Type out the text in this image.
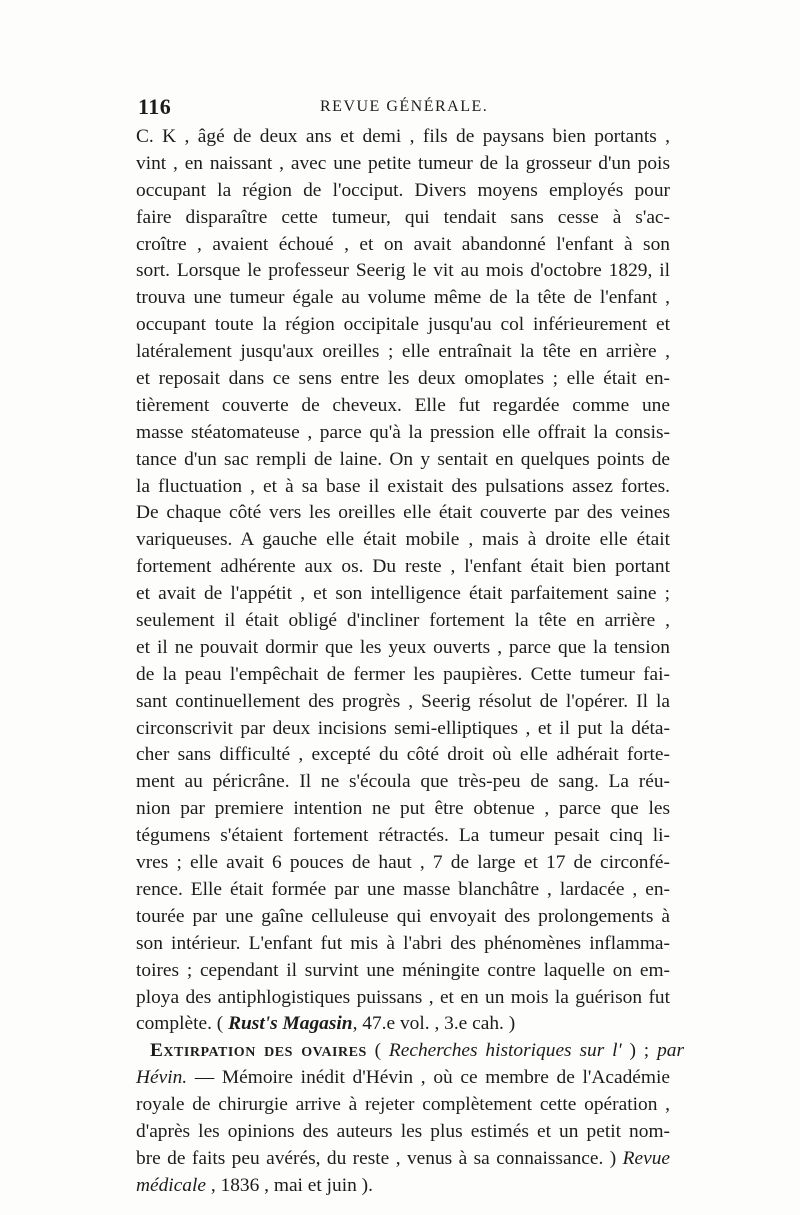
116	REVUE GÉNÉRALE.
C. K , âgé de deux ans et demi , fils de paysans bien portants ,
vint , en naissant , avec une petite tumeur de la grosseur d'un pois
occupant la région de l'occiput. Divers moyens employés pour
faire disparaître cette tumeur, qui tendait sans cesse à s'ac-
croître , avaient échoué , et on avait abandonné l'enfant à son
sort. Lorsque le professeur Seerig le vit au mois d'octobre 1829, il
trouva une tumeur égale au volume même de la tête de l'enfant ,
occupant toute la région occipitale jusqu'au col inférieurement et
latéralement jusqu'aux oreilles ; elle entraînait la tête en arrière ,
et reposait dans ce sens entre les deux omoplates ; elle était en-
tièrement couverte de cheveux. Elle fut regardée comme une
masse stéatomateuse , parce qu'à la pression elle offrait la consis-
tance d'un sac rempli de laine. On y sentait en quelques points de
la fluctuation , et à sa base il existait des pulsations assez fortes.
De chaque côté vers les oreilles elle était couverte par des veines
variqueuses. A gauche elle était mobile , mais à droite elle était
fortement adhérente aux os. Du reste , l'enfant était bien portant
et avait de l'appétit , et son intelligence était parfaitement saine ;
seulement il était obligé d'incliner fortement la tête en arrière ,
et il ne pouvait dormir que les yeux ouverts , parce que la tension
de la peau l'empêchait de fermer les paupières. Cette tumeur fai-
sant continuellement des progrès , Seerig résolut de l'opérer. Il la
circonscrivit par deux incisions semi-elliptiques , et il put la déta-
cher sans difficulté , excepté du côté droit où elle adhérait forte-
ment au péricrâne. Il ne s'écoula que très-peu de sang. La réu-
nion par premiere intention ne put être obtenue , parce que les
tégumens s'étaient fortement rétractés. La tumeur pesait cinq li-
vres ; elle avait 6 pouces de haut , 7 de large et 17 de circonfé-
rence. Elle était formée par une masse blanchâtre , lardacée , en-
tourée par une gaîne celluleuse qui envoyait des prolongements à
son intérieur. L'enfant fut mis à l'abri des phénomènes inflamma-
toires ; cependant il survint une méningite contre laquelle on em-
ploya des antiphlogistiques puissans , et en un mois la guérison fut
complète. ( Rust's Magasin, 47.e vol. , 3.e cah. )
Extirpation des ovaires ( Recherches historiques sur l' ) ; par
Hévin. — Mémoire inédit d'Hévin , où ce membre de l'Académie
royale de chirurgie arrive à rejeter complètement cette opération ,
d'après les opinions des auteurs les plus estimés et un petit nom-
bre de faits peu avérés, du reste , venus à sa connaissance. ) Revue
médicale , 1836 , mai et juin ).
